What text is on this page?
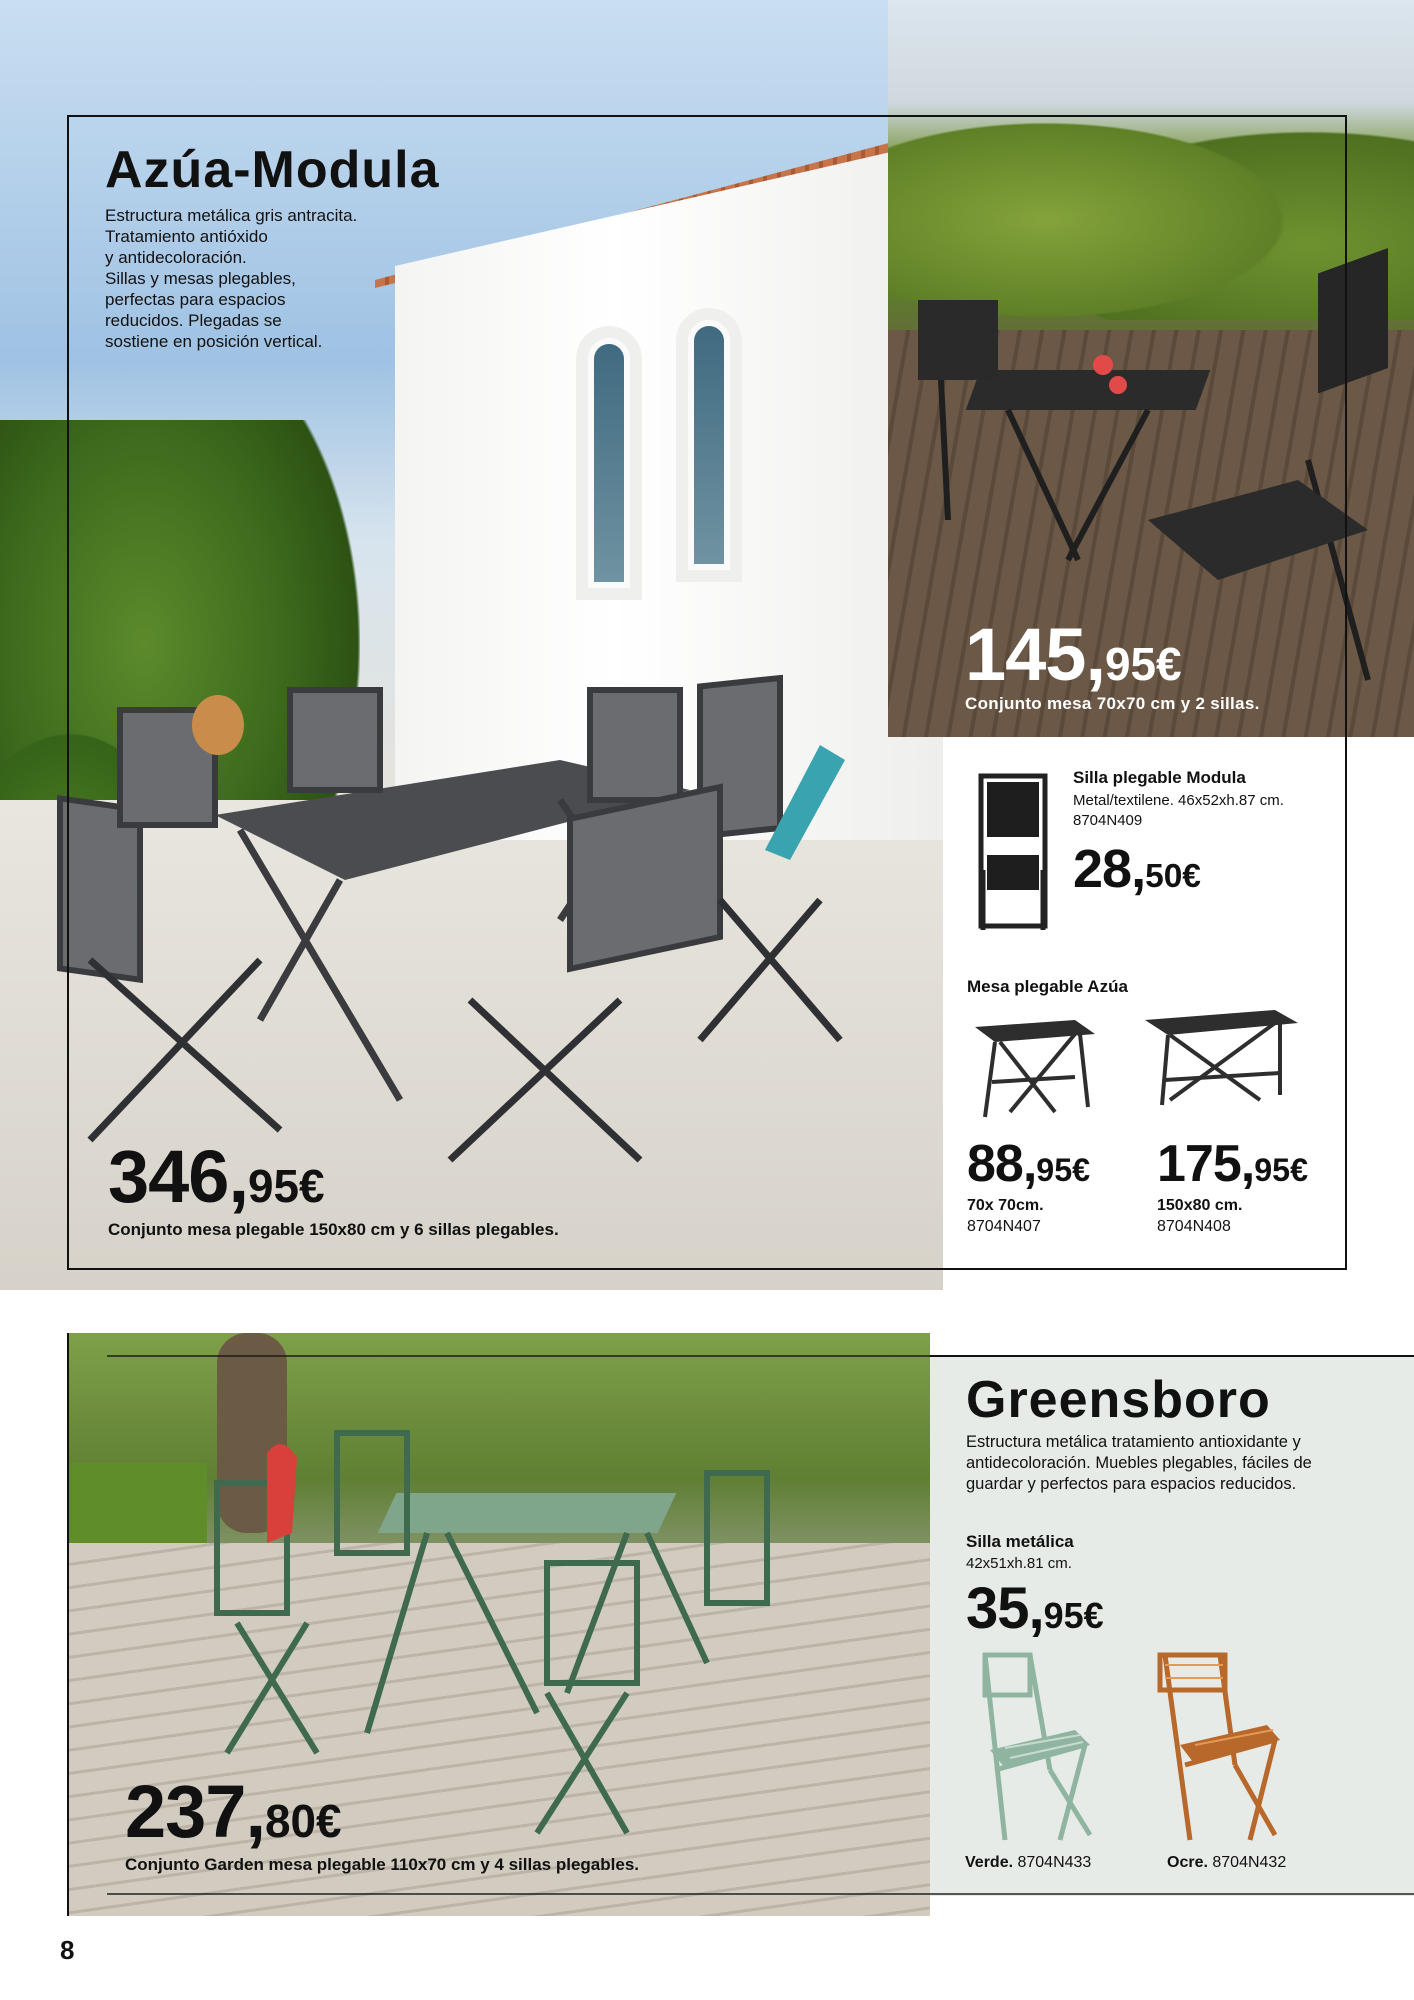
Azúa-Modula

Estructura metálica gris antracita.
Tratamiento antióxido
y antidecoloración.
Sillas y mesas plegables,
perfectas para espacios
reducidos. Plegadas se
sostiene en posición vertical.

346,95€
Conjunto mesa plegable 150x80 cm y 6 sillas plegables.
145,95€
Conjunto mesa 70x70 cm y 2 sillas.
Silla plegable Modula
Metal/textilene. 46x52xh.87 cm.
8704N409
28,50€
Mesa plegable Azúa
88,95€
70x 70cm.
8704N407
175,95€
150x80 cm.
8704N408
Greensboro

Estructura metálica tratamiento antioxidante y antidecoloración. Muebles plegables, fáciles de guardar y perfectos para espacios reducidos.

Silla metálica
42x51xh.81 cm.
35,95€
Verde. 8704N433	Ocre. 8704N432
237,80€
Conjunto Garden mesa plegable 110x70 cm y 4 sillas plegables.
8
